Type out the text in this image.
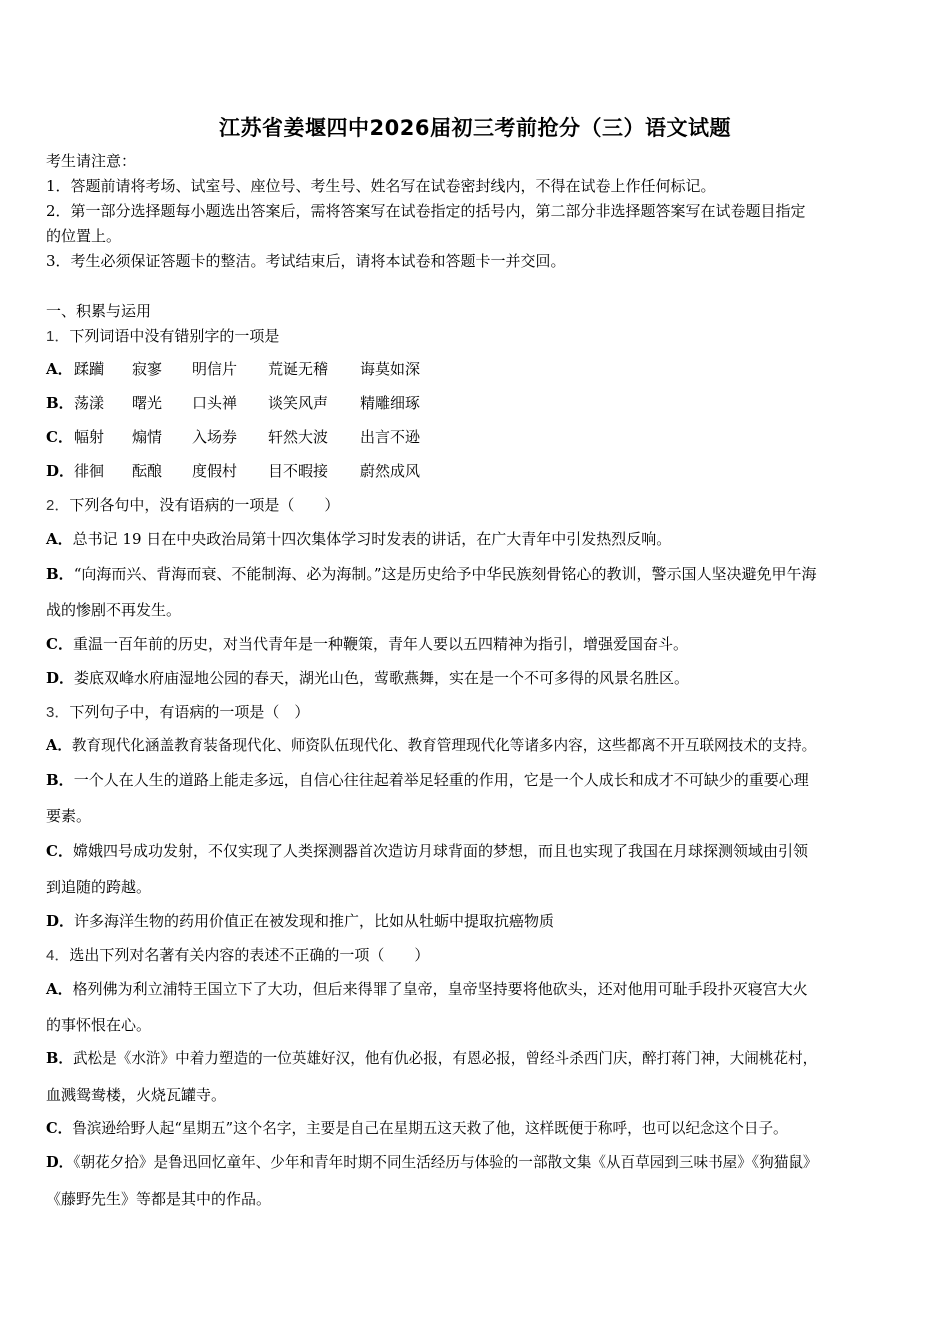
江苏省姜堰四中2026届初三考前抢分（三）语文试题
考生请注意：
1．答题前请将考场、试室号、座位号、考生号、姓名写在试卷密封线内，不得在试卷上作任何标记。
2．第一部分选择题每小题选出答案后，需将答案写在试卷指定的括号内，第二部分非选择题答案写在试卷题目指定
的位置上。
3．考生必须保证答题卡的整洁。考试结束后，请将本试卷和答题卡一并交回。
一、积累与运用
1．下列词语中没有错别字的一项是
A．蹂躏 寂寥 明信片 荒诞无稽 诲莫如深
B．荡漾 曙光 口头禅 谈笑风声 精雕细琢
C．幅射 煽情 入场券 轩然大波 出言不逊
D．徘徊 酝酿 度假村 目不暇接 蔚然成风
2．下列各句中，没有语病的一项是（　　）
A．总书记 19 日在中央政治局第十四次集体学习时发表的讲话，在广大青年中引发热烈反响。
B．“向海而兴、背海而衰、不能制海、必为海制。”这是历史给予中华民族刻骨铭心的教训，警示国人坚决避免甲午海
战的惨剧不再发生。
C．重温一百年前的历史，对当代青年是一种鞭策，青年人要以五四精神为指引，增强爱国奋斗。
D．娄底双峰水府庙湿地公园的春天，湖光山色，莺歌燕舞，实在是一个不可多得的风景名胜区。
3．下列句子中，有语病的一项是（　）
A．教育现代化涵盖教育装备现代化、师资队伍现代化、教育管理现代化等诸多内容，这些都离不开互联网技术的支持。
B．一个人在人生的道路上能走多远，自信心往往起着举足轻重的作用，它是一个人成长和成才不可缺少的重要心理
要素。
C．嫦娥四号成功发射，不仅实现了人类探测器首次造访月球背面的梦想，而且也实现了我国在月球探测领域由引领
到追随的跨越。
D．许多海洋生物的药用价值正在被发现和推广，比如从牡蛎中提取抗癌物质
4．选出下列对名著有关内容的表述不正确的一项（　　）
A．格列佛为利立浦特王国立下了大功，但后来得罪了皇帝，皇帝坚持要将他砍头，还对他用可耻手段扑灭寝宫大火
的事怀恨在心。
B．武松是《水浒》中着力塑造的一位英雄好汉，他有仇必报，有恩必报，曾经斗杀西门庆，醉打蒋门神，大闹桃花村，
血溅鸳鸯楼，火烧瓦罐寺。
C．鲁滨逊给野人起“星期五”这个名字，主要是自己在星期五这天救了他，这样既便于称呼，也可以纪念这个日子。
D．《朝花夕拾》是鲁迅回忆童年、少年和青年时期不同生活经历与体验的一部散文集《从百草园到三味书屋》《狗猫鼠》
《藤野先生》等都是其中的作品。
